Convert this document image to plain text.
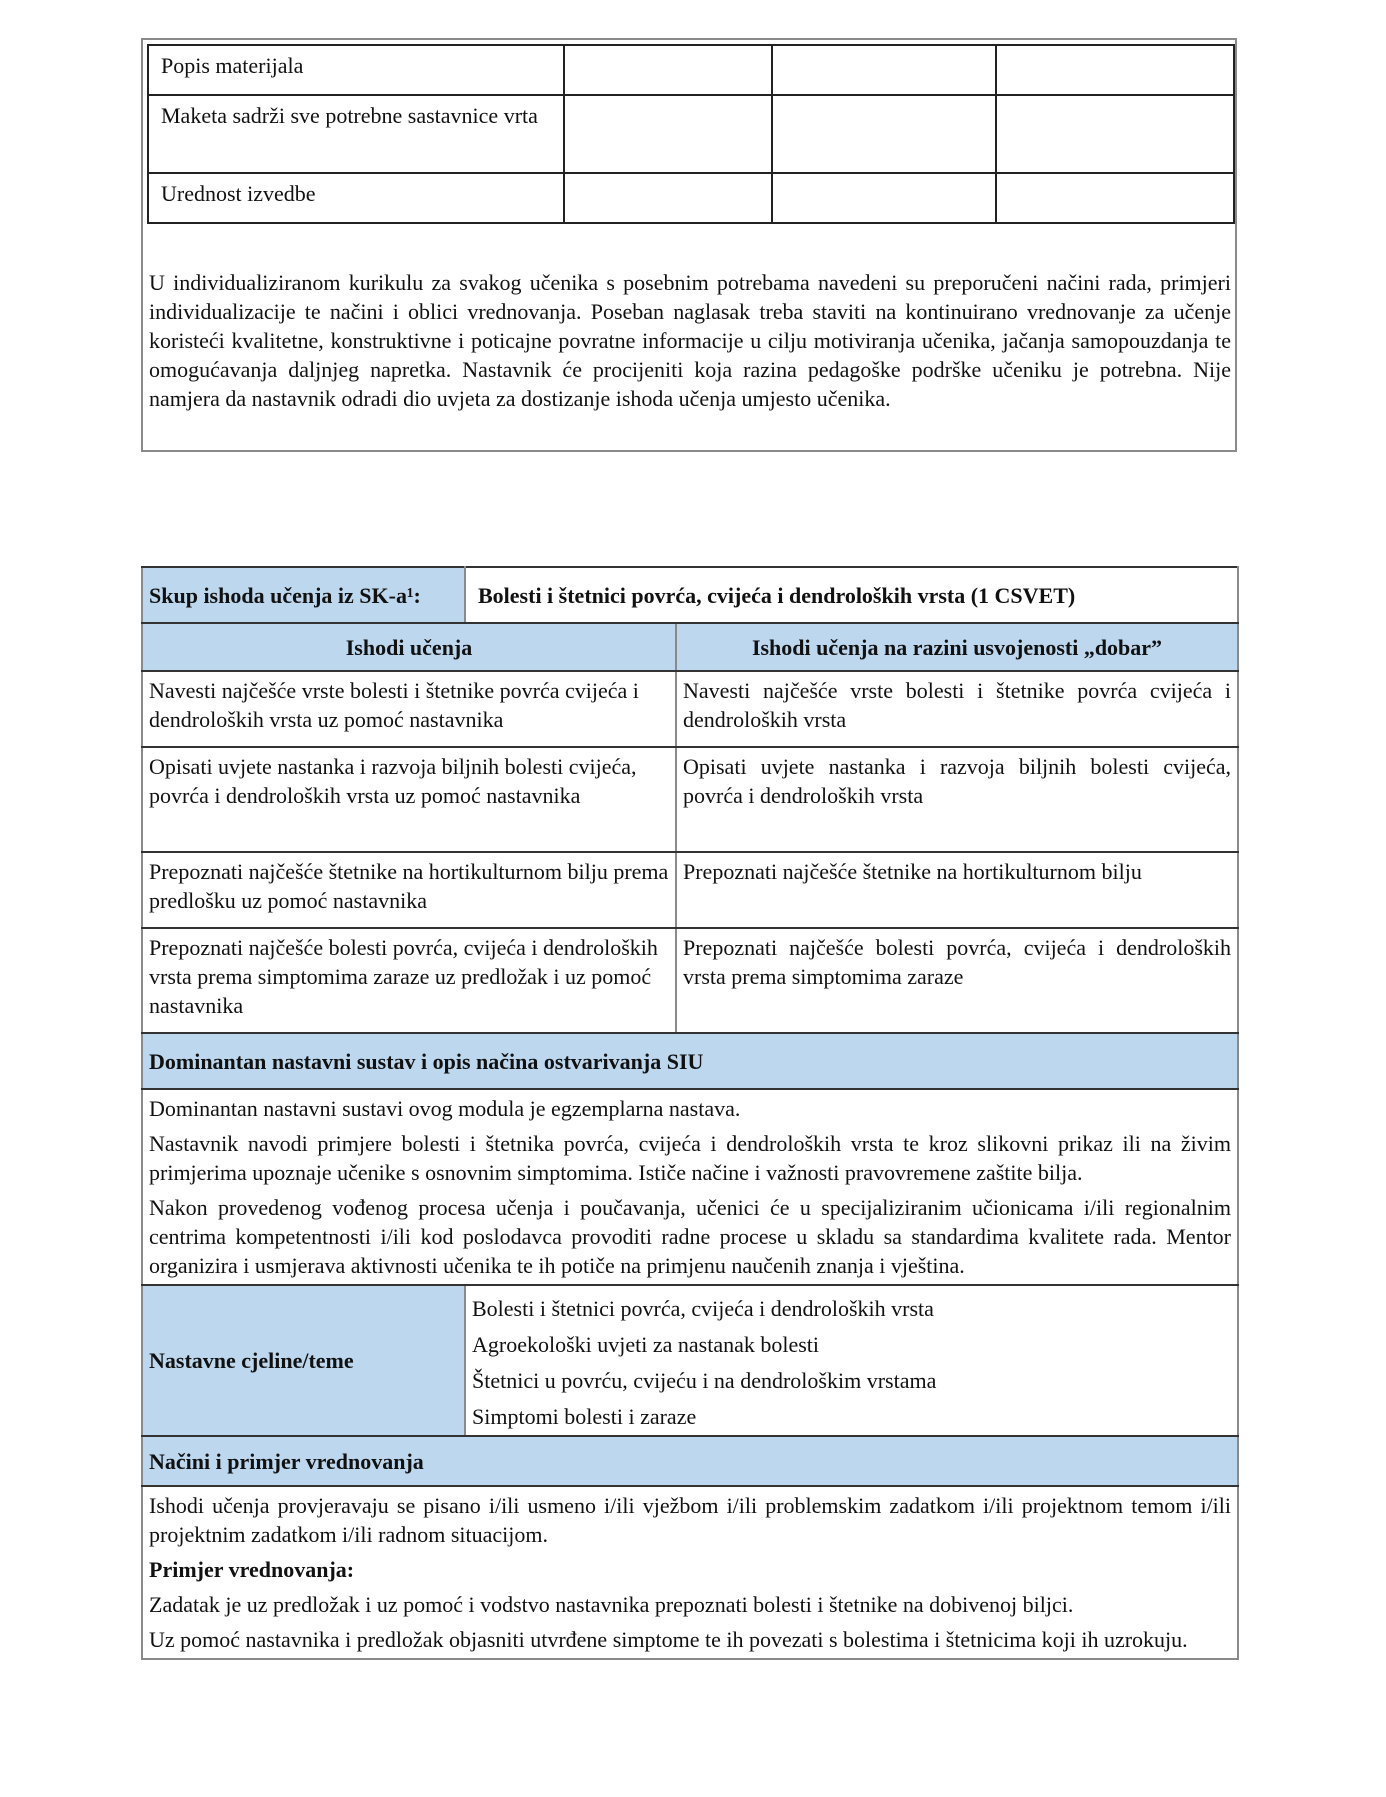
Popis materijala			
Maketa sadrži sve potrebne sastavnice vrta			
Urednost izvedbe			

U individualiziranom kurikulu za svakog učenika s posebnim potrebama navedeni su preporučeni načini rada, primjeri individualizacije te načini i oblici vrednovanja. Poseban naglasak treba staviti na kontinuirano vrednovanje za učenje koristeći kvalitetne, konstruktivne i poticajne povratne informacije u cilju motiviranja učenika, jačanja samopouzdanja te omogućavanja daljnjeg napretka. Nastavnik će procijeniti koja razina pedagoške podrške učeniku je potrebna. Nije namjera da nastavnik odradi dio uvjeta za dostizanje ishoda učenja umjesto učenika.

Skup ishoda učenja iz SK-a¹:	Bolesti i štetnici povrća, cvijeća i dendroloških vrsta (1 CSVET)	
Ishodi učenja		Ishodi učenja na razini usvojenosti „dobar”
Navesti najčešće vrste bolesti i štetnike povrća cvijeća i dendroloških vrsta uz pomoć nastavnika		Navesti najčešće vrste bolesti i štetnike povrća cvijeća i dendroloških vrsta
Opisati uvjete nastanka i razvoja biljnih bolesti cvijeća, povrća i dendroloških vrsta uz pomoć nastavnika		Opisati uvjete nastanka i razvoja biljnih bolesti cvijeća, povrća i dendroloških vrsta
Prepoznati najčešće štetnike na hortikulturnom bilju prema predlošku uz pomoć nastavnika		Prepoznati najčešće štetnike na hortikulturnom bilju
Prepoznati najčešće bolesti povrća, cvijeća i dendroloških vrsta prema simptomima zaraze uz predložak i uz pomoć nastavnika		Prepoznati najčešće bolesti povrća, cvijeća i dendroloških vrsta prema simptomima zaraze
Dominantan nastavni sustav i opis načina ostvarivanja SIU		

Dominantan nastavni sustavi ovog modula je egzemplarna nastava.

Nastavnik navodi primjere bolesti i štetnika povrća, cvijeća i dendroloških vrsta te kroz slikovni prikaz ili na živim primjerima upoznaje učenike s osnovnim simptomima. Ističe načine i važnosti pravovremene zaštite bilja.

Nakon provedenog vođenog procesa učenja i poučavanja, učenici će u specijaliziranim učionicama i/ili regionalnim centrima kompetentnosti i/ili kod poslodavca provoditi radne procese u skladu sa standardima kvalitete rada. Mentor organizira i usmjerava aktivnosti učenika te ih potiče na primjenu naučenih znanja i vještina.		

Nastavne cjeline/teme	Bolesti i štetnici povrća, cvijeća i dendroloških vrsta
Agroekološki uvjeti za nastanak bolesti
Štetnici u povrću, cvijeću i na dendrološkim vrstama
Simptomi bolesti i zaraze	

Načini i primjer vrednovanja		

Ishodi učenja provjeravaju se pisano i/ili usmeno i/ili vježbom i/ili problemskim zadatkom i/ili projektnom temom i/ili projektnim zadatkom i/ili radnom situacijom.

Primjer vrednovanja:

Zadatak je uz predložak i uz pomoć i vodstvo nastavnika prepoznati bolesti i štetnike na dobivenoj biljci.

Uz pomoć nastavnika i predložak objasniti utvrđene simptome te ih povezati s bolestima i štetnicima koji ih uzrokuju.		
